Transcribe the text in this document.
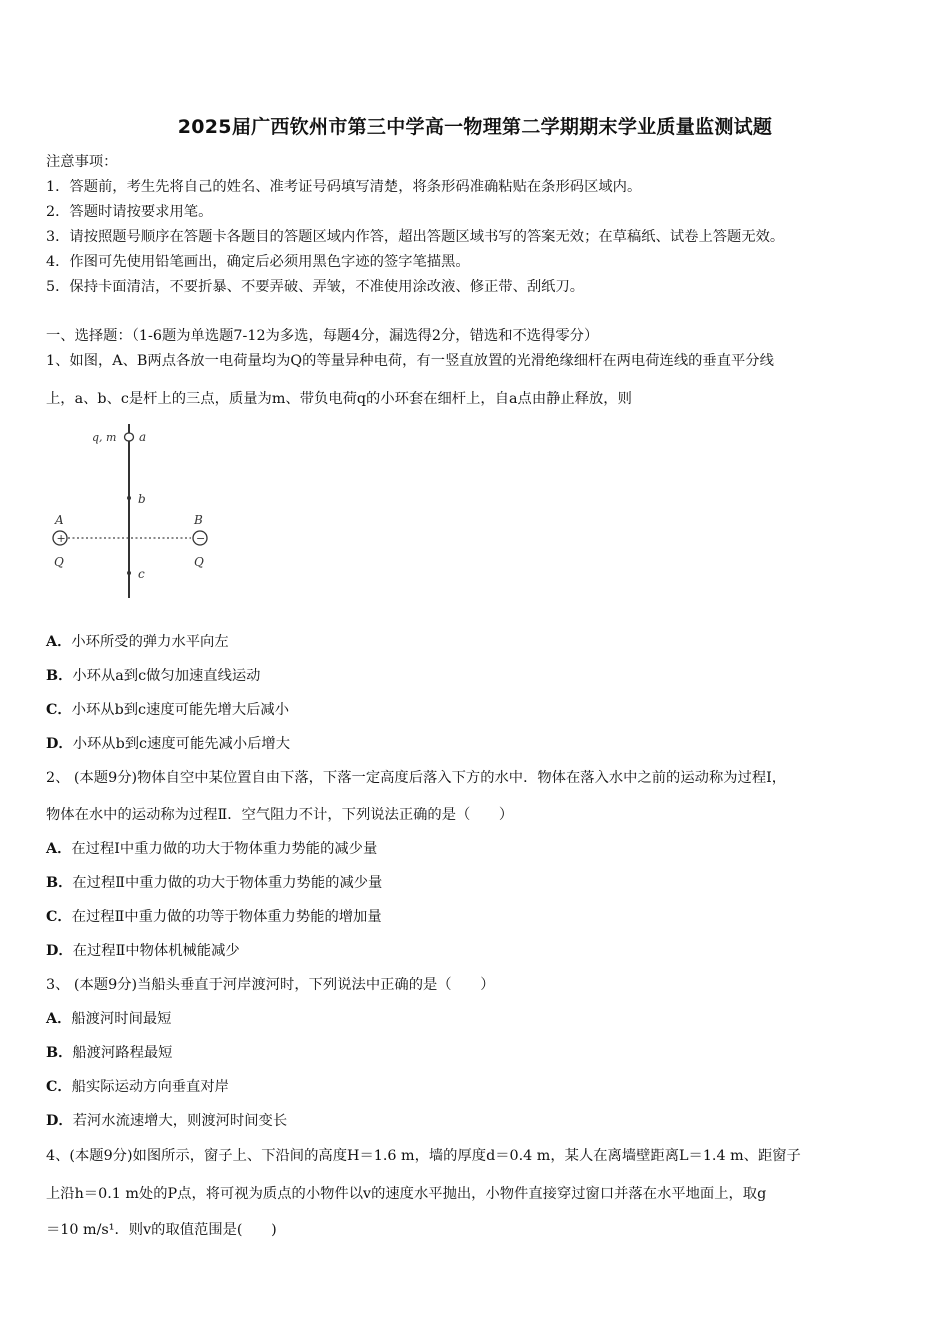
2025届广西钦州市第三中学高一物理第二学期期末学业质量监测试题
注意事项：
1．答题前，考生先将自己的姓名、准考证号码填写清楚，将条形码准确粘贴在条形码区域内。
2．答题时请按要求用笔。
3．请按照题号顺序在答题卡各题目的答题区域内作答，超出答题区域书写的答案无效；在草稿纸、试卷上答题无效。
4．作图可先使用铅笔画出，确定后必须用黑色字迹的签字笔描黑。
5．保持卡面清洁，不要折暴、不要弄破、弄皱，不准使用涂改液、修正带、刮纸刀。
一、选择题：（1-6题为单选题7-12为多选，每题4分，漏选得2分，错选和不选得零分）
1、如图，A、B两点各放一电荷量均为Q的等量异种电荷，有一竖直放置的光滑绝缘细杆在两电荷连线的垂直平分线
上，a、b、c是杆上的三点，质量为m、带负电荷q的小环套在细杆上，自a点由静止释放，则
q, m a
b
c
+
A
Q
−
B
Q
A．小环所受的弹力水平向左
B．小环从a到c做匀加速直线运动
C．小环从b到c速度可能先增大后减小
D．小环从b到c速度可能先减小后增大
2、 (本题9分)物体自空中某位置自由下落，下落一定高度后落入下方的水中．物体在落入水中之前的运动称为过程Ⅰ，
物体在水中的运动称为过程Ⅱ．空气阻力不计，下列说法正确的是（　　）
A．在过程Ⅰ中重力做的功大于物体重力势能的减少量
B．在过程Ⅱ中重力做的功大于物体重力势能的减少量
C．在过程Ⅱ中重力做的功等于物体重力势能的增加量
D．在过程Ⅱ中物体机械能减少
3、 (本题9分)当船头垂直于河岸渡河时，下列说法中正确的是（　　）
A．船渡河时间最短
B．船渡河路程最短
C．船实际运动方向垂直对岸
D．若河水流速增大，则渡河时间变长
4、(本题9分)如图所示，窗子上、下沿间的高度H＝1.6 m，墙的厚度d＝0.4 m，某人在离墙壁距离L＝1.4 m、距窗子
上沿h＝0.1 m处的P点，将可视为质点的小物件以v的速度水平抛出，小物件直接穿过窗口并落在水平地面上，取g
＝10 m/s¹．则v的取值范围是(　　)
